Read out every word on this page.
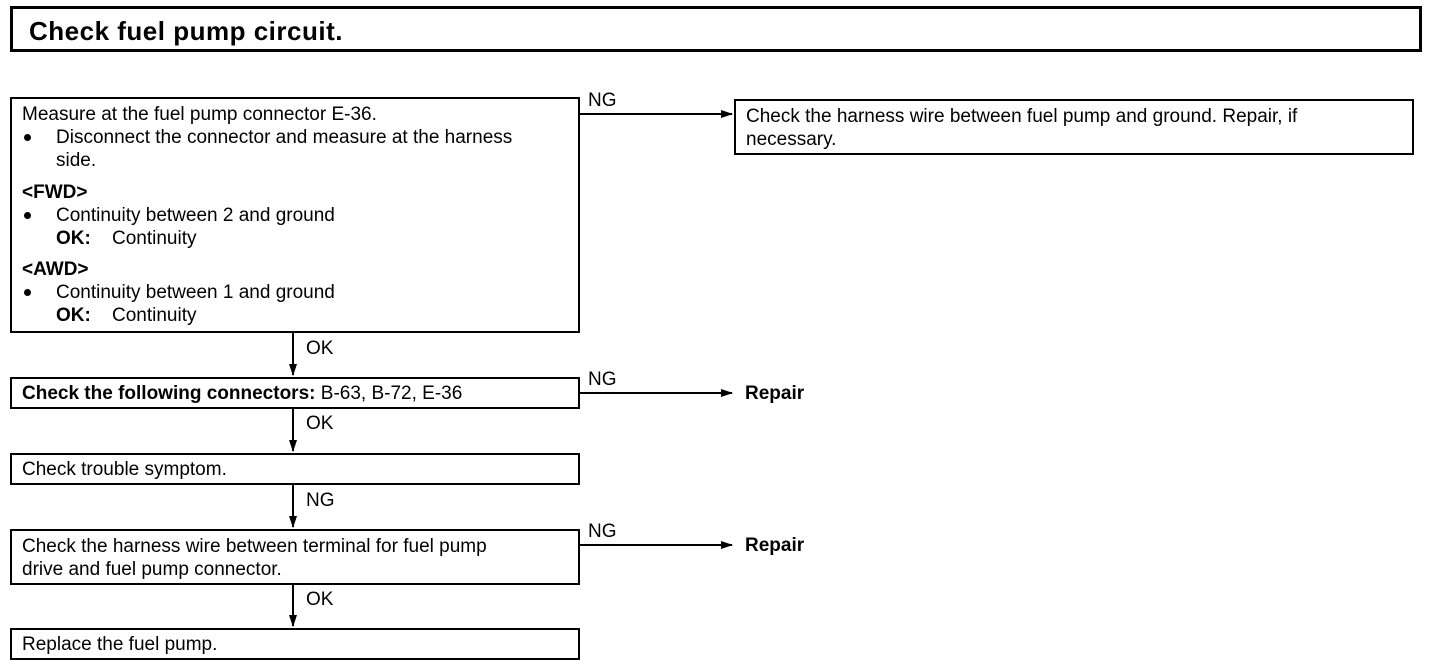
Check fuel pump circuit.
Measure at the fuel pump connector E-36.
Disconnect the connector and measure at the harness
side.
<FWD>
Continuity between 2 and ground
OK: Continuity
<AWD>
Continuity between 1 and ground
OK: Continuity
Check the harness wire between fuel pump and ground. Repair, if
necessary.
Check the following connectors: B-63, B-72, E-36
Check trouble symptom.
Check the harness wire between terminal for fuel pump
drive and fuel pump connector.
Replace the fuel pump.
NG
OK
NG
Repair
OK
NG
NG
Repair
OK
